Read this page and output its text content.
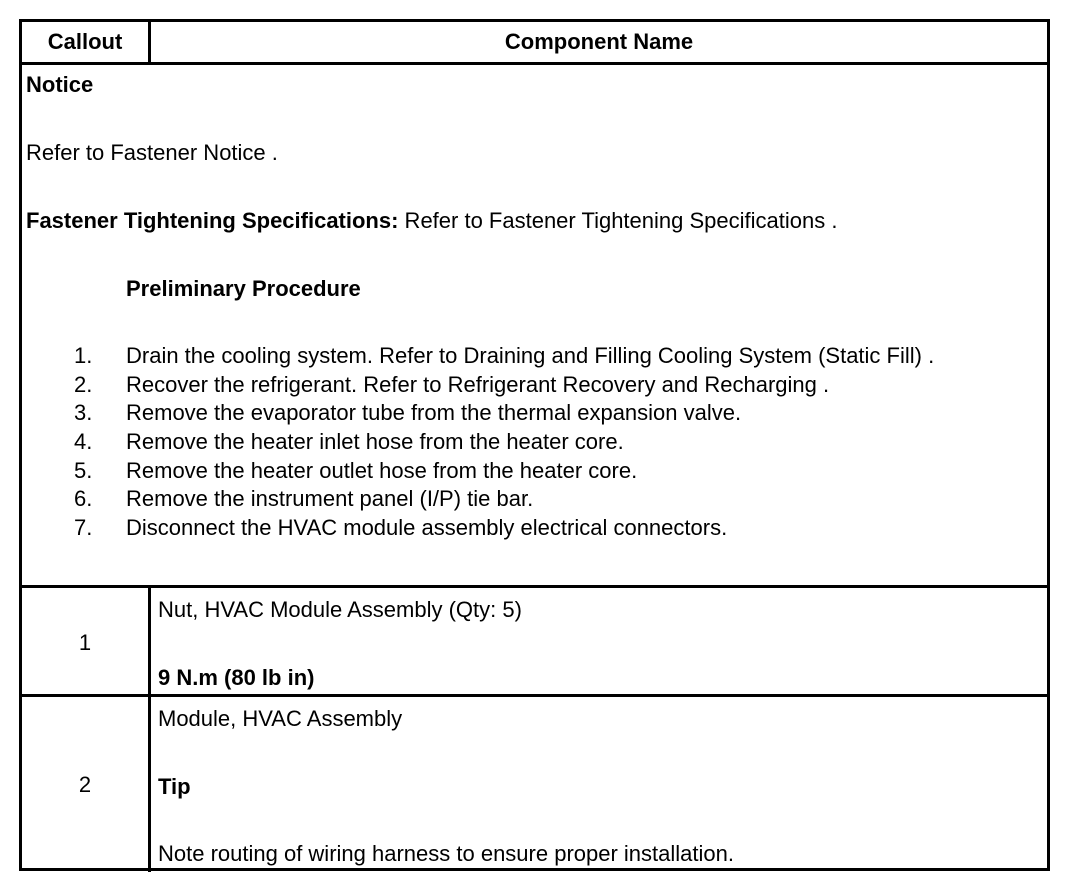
Callout	Component Name
Notice
Refer to Fastener Notice .
Fastener Tightening Specifications: Refer to Fastener Tightening Specifications .
Preliminary Procedure
1. Drain the cooling system. Refer to Draining and Filling Cooling System (Static Fill) .
2. Recover the refrigerant. Refer to Refrigerant Recovery and Recharging .
3. Remove the evaporator tube from the thermal expansion valve.
4. Remove the heater inlet hose from the heater core.
5. Remove the heater outlet hose from the heater core.
6. Remove the instrument panel (I/P) tie bar.
7. Disconnect the HVAC module assembly electrical connectors.
1
Nut, HVAC Module Assembly (Qty: 5)
9 N.m (80 lb in)
2
Module, HVAC Assembly
Tip
Note routing of wiring harness to ensure proper installation.
